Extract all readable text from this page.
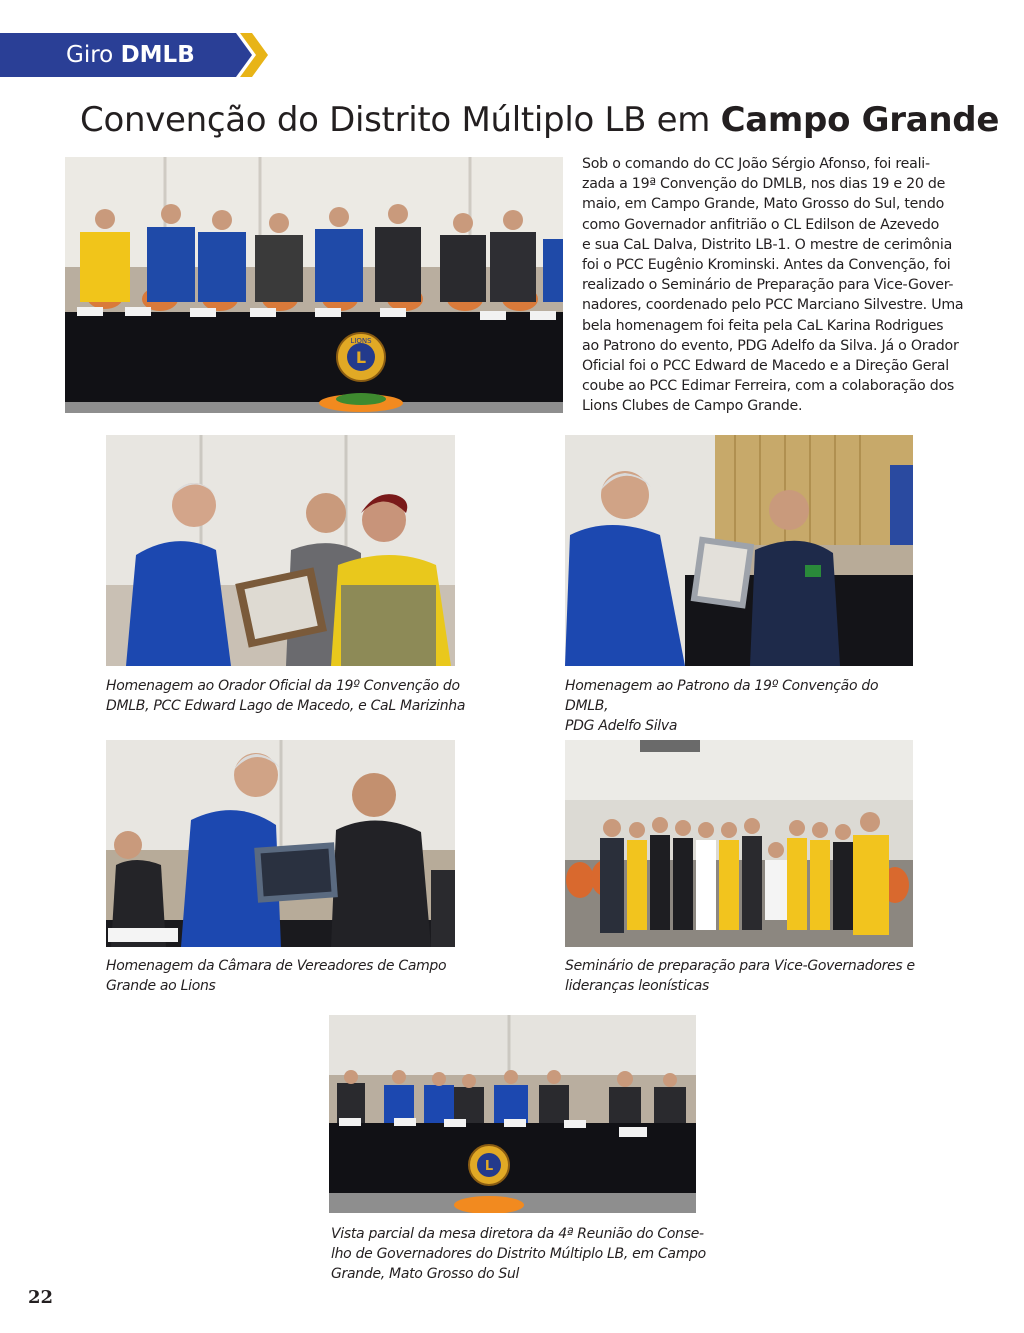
Giro DMLB
Convenção do Distrito Múltiplo LB em Campo Grande
LIONS
L
Sob o comando do CC João Sérgio Afonso, foi reali-
zada a 19ª Convenção do DMLB, nos dias 19 e 20 de
maio, em Campo Grande, Mato Grosso do Sul, tendo
como Governador anfitrião o CL Edilson de Azevedo
e sua CaL Dalva, Distrito LB-1. O mestre de cerimônia
foi o PCC Eugênio Krominski. Antes da Convenção, foi
realizado o Seminário de Preparação para Vice-Gover-
nadores, coordenado pelo PCC Marciano Silvestre. Uma
bela homenagem foi feita pela CaL Karina Rodrigues
ao Patrono do evento, PDG Adelfo da Silva. Já o Orador
Oficial foi o PCC Edward de Macedo e a Direção Geral
coube ao PCC Edimar Ferreira, com a colaboração dos
Lions Clubes de Campo Grande.
Homenagem ao Orador Oficial da 19º Convenção do
DMLB, PCC Edward Lago de Macedo, e CaL Marizinha
Homenagem ao Patrono da 19º Convenção do DMLB,
PDG Adelfo Silva
Homenagem da Câmara de Vereadores de Campo
Grande ao Lions
Seminário de preparação para Vice-Governadores e
lideranças leonísticas
L
Vista parcial da mesa diretora da 4ª Reunião do Conse-
lho de Governadores do Distrito Múltiplo LB, em Campo
Grande, Mato Grosso do Sul
22
